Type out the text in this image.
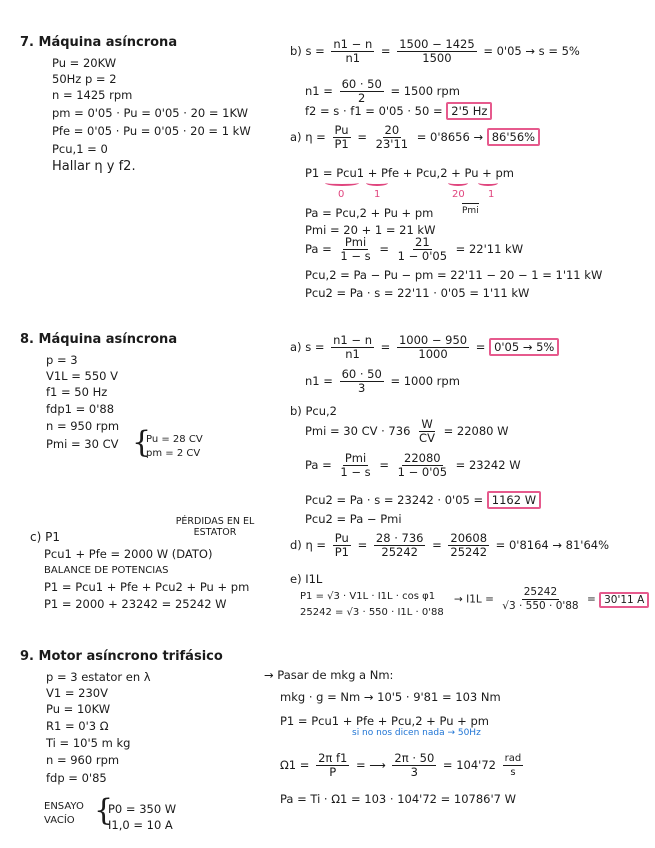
7. Máquina asíncrona
Pu = 20KW
50Hz p = 2
n = 1425 rpm
pm = 0'05 · Pu = 0'05 · 20 = 1KW
Pfe = 0'05 · Pu = 0'05 · 20 = 1 kW
Pcu,1 = 0
Hallar η y f2.
b) $s = \frac{n1 - n}{n1} = \frac{1500 - 1425}{1500} = 0'05 \to s = 5\%$
$n1 = \frac{60 \cdot 50}{2} = 1500$ rpm
f2 = s · f1 = 0'05 · 50 = 2'5 Hz
a) $\eta = \frac{Pu}{P1} = \frac{20}{23'11} = 0'8656 \to 86'56\%$
P1 = Pcu1 + Pfe + Pcu,2 + Pu + pm
0	1	20 1
Pmi
Pa = Pcu,2 + Pu + pm
Pmi = 20 + 1 = 21 kW
$Pa = \frac{\text{Pmi}}{1 - s} = \frac{21}{1 - 0'05} = 22'11$ kW
Pcu,2 = Pa − Pu − pm = 22'11 − 20 − 1 = 1'11 kW
Pcu2 = Pa · s = 22'11 · 0'05 = 1'11 kW
8. Máquina asíncrona
p = 3
V1L = 550 V
f1 = 50 Hz
fdp1 = 0'88
n = 950 rpm
Pmi = 30 CV {
Pu = 28 CV
pm = 2 CV
c) P1
PÉRDIDAS EN EL ESTATOR
Pcu1 + Pfe = 2000 W (DATO)
BALANCE DE POTENCIAS
P1 = Pcu1 + Pfe + Pcu2 + Pu + pm
P1 = 2000 + 23242 = 25242 W
a) $s = \frac{n1 - n}{n1} = \frac{1000 - 950}{1000} = 0'05 \to 5\%$
$n1 = \frac{60 \cdot 50}{3} = 1000$ rpm
b) Pcu,2
Pmi = 30 CV · $736 \frac{W}{CV} = 22080$ W
$Pa = \frac{\text{Pmi}}{1 - s} = \frac{22080}{1 - 0'05} = 23242$ W
Pcu2 = Pa · s = 23242 · 0'05 = 1162 W
Pcu2 = Pa − Pmi
d) $\eta = \frac{Pu}{P1} = \frac{28 \cdot 736}{25242} = \frac{20608}{25242} = 0'8164 \to 81'64\%$
e) I1L
P1 = √3 · V1L · I1L · cos φ1
25242 = √3 · 550 · I1L · 0'88
→ $I1L = \frac{25242}{√3 \cdot 550 \cdot 0'88} = 30'11$ A
9. Motor asíncrono trifásico
p = 3 estator en λ
V1 = 230V
Pu = 10KW
R1 = 0'3 Ω
Ti = 10'5 m kg
n = 960 rpm
fdp = 0'85
ENSAYO VACÍO {
P0 = 350 W
I1,0 = 10 A
→ Pasar de mkg a Nm:
mkg · g = Nm → 10'5 · 9'81 = 103 Nm
P1 = Pcu1 + Pfe + Pcu,2 + Pu + pm
si no nos dicen nada → 50Hz
$\Omega 1 = \frac{\text{2π f1}}{P}$ = ⟶ $\frac{2\pi \cdot 50}{3} = 104'72 \frac{\text{rad}}{s}$
Pa = Ti · Ω1 = 103 · 104'72 = 10786'7 W
